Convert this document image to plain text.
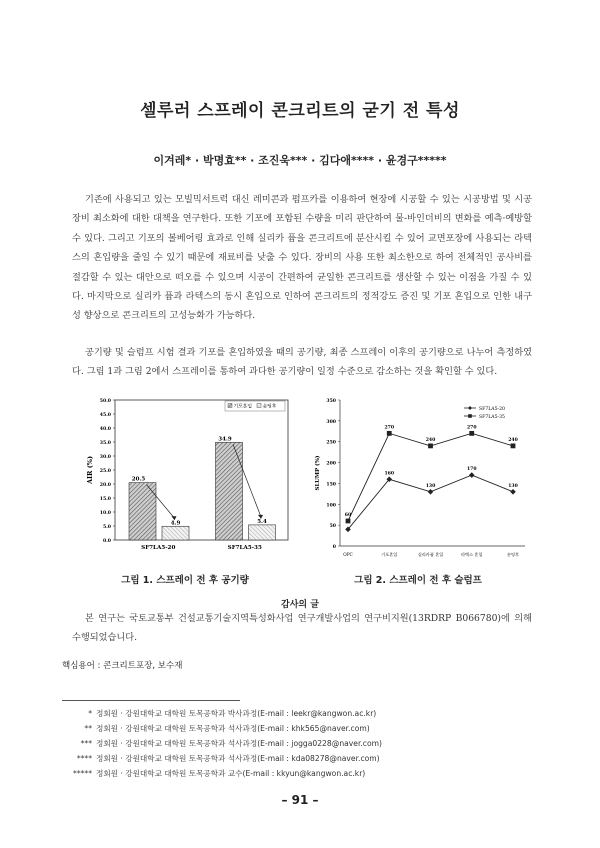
셀루러 스프레이 콘크리트의 굳기 전 특성
이겨레* · 박명효** · 조진욱*** · 김다애**** · 윤경구*****

기존에 사용되고 있는 모빌믹서트럭 대신 레미콘과 펌프카를 이용하여 현장에 시공할 수 있는 시공방법 및 시공 장비 최소화에 대한 대책을 연구한다. 또한 기포에 포함된 수량을 미리 판단하여 물-바인더비의 변화를 예측·예방할 수 있다. 그리고 기포의 볼베어링 효과로 인해 실리카 퓸을 콘크리트에 분산시킬 수 있어 교면포장에 사용되는 라텍스의 혼입량을 줄일 수 있기 때문에 재료비를 낮출 수 있다. 장비의 사용 또한 최소한으로 하여 전체적인 공사비를 절감할 수 있는 대안으로 떠오를 수 있으며 시공이 간편하여 균일한 콘크리트를 생산할 수 있는 이점을 가질 수 있다. 마지막으로 실리카 퓸과 라텍스의 동시 혼입으로 인하여 콘크리트의 정적강도 증진 및 기포 혼입으로 인한 내구성 향상으로 콘크리트의 고성능화가 가능하다.

공기량 및 슬럼프 시험 결과 기포를 혼입하였을 때의 공기량, 최종 스프레이 이후의 공기량으로 나누어 측정하였다. 그림 1과 그림 2에서 스프레이를 통하여 과다한 공기량이 일정 수준으로 감소하는 것을 확인할 수 있다.

0.0
5.0
10.0
15.0
20.0
25.0
30.0
35.0
40.0
45.0
50.0
AIR (%)	20.5
4.9
SF7LA5-20
34.9
5.4
SF7LA5-35
기포혼입 숏팅후
0
50
100
150
200
250
300
350
SLUMP (%)
OPC	기포혼입	실리카퓸 혼입	라텍스 혼입	숏팅후
160
130
170
130
60
270
240
270
240
SF7LA5-20
SF7LA5-35
그림 1. 스프레이 전 후 공기량	그림 2. 스프레이 전 후 슬럼프
감사의 글

본 연구는 국토교통부 건설교통기술지역특성화사업 연구개발사업의 연구비지원(13RDRP B066780)에 의해 수행되었습니다.

핵심용어 : 콘크리트포장, 보수재
* 정회원 · 강원대학교 대학원 토목공학과 박사과정(E-mail : leekr@kangwon.ac.kr)
** 정회원 · 강원대학교 대학원 토목공학과 석사과정(E-mail : khk565@naver.com)
*** 정회원 · 강원대학교 대학원 토목공학과 석사과정(E-mail : jogga0228@naver.com)
**** 정회원 · 강원대학교 대학원 토목공학과 석사과정(E-mail : kda08278@naver.com)
***** 정회원 · 강원대학교 대학원 토목공학과 교수(E-mail : kkyun@kangwon.ac.kr)
– 91 –
